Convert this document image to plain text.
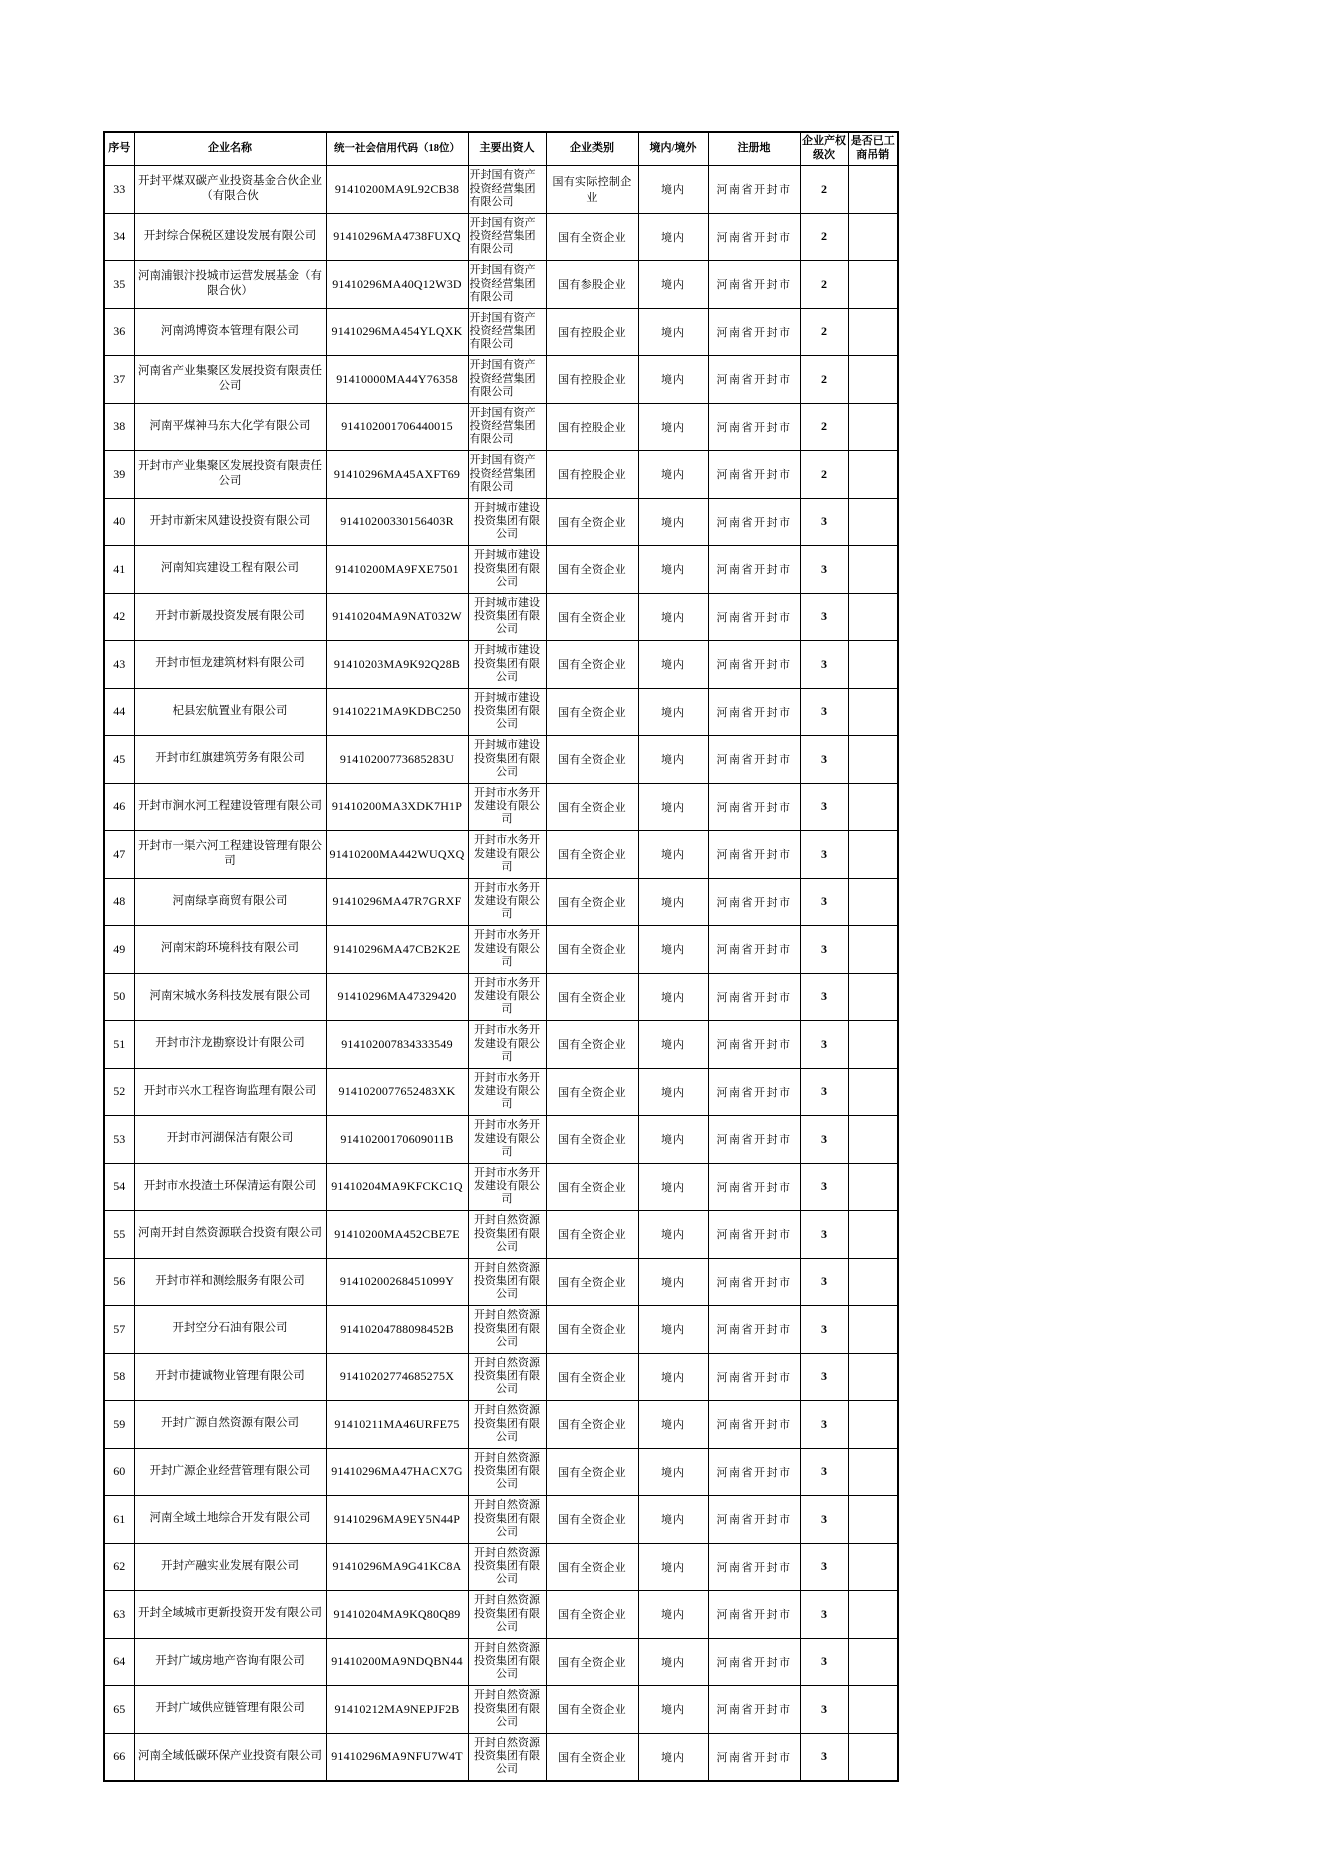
序号	企业名称	统一社会信用代码（18位）	主要出资人	企业类别	境内/境外	注册地	企业产权级次	是否已工商吊销
33	开封平煤双碳产业投资基金合伙企业（有限合伙	91410200MA9L92CB38	开封国有资产投资经营集团有限公司	国有实际控制企业	境内	河南省开封市	2	
34	开封综合保税区建设发展有限公司	91410296MA4738FUXQ	开封国有资产投资经营集团有限公司	国有全资企业	境内	河南省开封市	2	
35	河南浦银汴投城市运营发展基金（有限合伙）	91410296MA40Q12W3D	开封国有资产投资经营集团有限公司	国有参股企业	境内	河南省开封市	2	
36	河南鸿博资本管理有限公司	91410296MA454YLQXK	开封国有资产投资经营集团有限公司	国有控股企业	境内	河南省开封市	2	
37	河南省产业集聚区发展投资有限责任公司	91410000MA44Y76358	开封国有资产投资经营集团有限公司	国有控股企业	境内	河南省开封市	2	
38	河南平煤神马东大化学有限公司	914102001706440015	开封国有资产投资经营集团有限公司	国有控股企业	境内	河南省开封市	2	
39	开封市产业集聚区发展投资有限责任公司	91410296MA45AXFT69	开封国有资产投资经营集团有限公司	国有控股企业	境内	河南省开封市	2	
40	开封市新宋风建设投资有限公司	91410200330156403R	开封城市建设投资集团有限公司	国有全资企业	境内	河南省开封市	3	
41	河南知宾建设工程有限公司	91410200MA9FXE7501	开封城市建设投资集团有限公司	国有全资企业	境内	河南省开封市	3	
42	开封市新晟投资发展有限公司	91410204MA9NAT032W	开封城市建设投资集团有限公司	国有全资企业	境内	河南省开封市	3	
43	开封市恒龙建筑材料有限公司	91410203MA9K92Q28B	开封城市建设投资集团有限公司	国有全资企业	境内	河南省开封市	3	
44	杞县宏航置业有限公司	91410221MA9KDBC250	开封城市建设投资集团有限公司	国有全资企业	境内	河南省开封市	3	
45	开封市红旗建筑劳务有限公司	91410200773685283U	开封城市建设投资集团有限公司	国有全资企业	境内	河南省开封市	3	
46	开封市涧水河工程建设管理有限公司	91410200MA3XDK7H1P	开封市水务开发建设有限公司	国有全资企业	境内	河南省开封市	3	
47	开封市一渠六河工程建设管理有限公司	91410200MA442WUQXQ	开封市水务开发建设有限公司	国有全资企业	境内	河南省开封市	3	
48	河南绿享商贸有限公司	91410296MA47R7GRXF	开封市水务开发建设有限公司	国有全资企业	境内	河南省开封市	3	
49	河南宋韵环境科技有限公司	91410296MA47CB2K2E	开封市水务开发建设有限公司	国有全资企业	境内	河南省开封市	3	
50	河南宋城水务科技发展有限公司	91410296MA47329420	开封市水务开发建设有限公司	国有全资企业	境内	河南省开封市	3	
51	开封市汴龙勘察设计有限公司	914102007834333549	开封市水务开发建设有限公司	国有全资企业	境内	河南省开封市	3	
52	开封市兴水工程咨询监理有限公司	9141020077652483XK	开封市水务开发建设有限公司	国有全资企业	境内	河南省开封市	3	
53	开封市河湖保洁有限公司	91410200170609011B	开封市水务开发建设有限公司	国有全资企业	境内	河南省开封市	3	
54	开封市水投渣土环保清运有限公司	91410204MA9KFCKC1Q	开封市水务开发建设有限公司	国有全资企业	境内	河南省开封市	3	
55	河南开封自然资源联合投资有限公司	91410200MA452CBE7E	开封自然资源投资集团有限公司	国有全资企业	境内	河南省开封市	3	
56	开封市祥和测绘服务有限公司	91410200268451099Y	开封自然资源投资集团有限公司	国有全资企业	境内	河南省开封市	3	
57	开封空分石油有限公司	91410204788098452B	开封自然资源投资集团有限公司	国有全资企业	境内	河南省开封市	3	
58	开封市捷诚物业管理有限公司	91410202774685275X	开封自然资源投资集团有限公司	国有全资企业	境内	河南省开封市	3	
59	开封广源自然资源有限公司	91410211MA46URFE75	开封自然资源投资集团有限公司	国有全资企业	境内	河南省开封市	3	
60	开封广源企业经营管理有限公司	91410296MA47HACX7G	开封自然资源投资集团有限公司	国有全资企业	境内	河南省开封市	3	
61	河南全域土地综合开发有限公司	91410296MA9EY5N44P	开封自然资源投资集团有限公司	国有全资企业	境内	河南省开封市	3	
62	开封产融实业发展有限公司	91410296MA9G41KC8A	开封自然资源投资集团有限公司	国有全资企业	境内	河南省开封市	3	
63	开封全域城市更新投资开发有限公司	91410204MA9KQ80Q89	开封自然资源投资集团有限公司	国有全资企业	境内	河南省开封市	3	
64	开封广域房地产咨询有限公司	91410200MA9NDQBN44	开封自然资源投资集团有限公司	国有全资企业	境内	河南省开封市	3	
65	开封广域供应链管理有限公司	91410212MA9NEPJF2B	开封自然资源投资集团有限公司	国有全资企业	境内	河南省开封市	3	
66	河南全域低碳环保产业投资有限公司	91410296MA9NFU7W4T	开封自然资源投资集团有限公司	国有全资企业	境内	河南省开封市	3	
